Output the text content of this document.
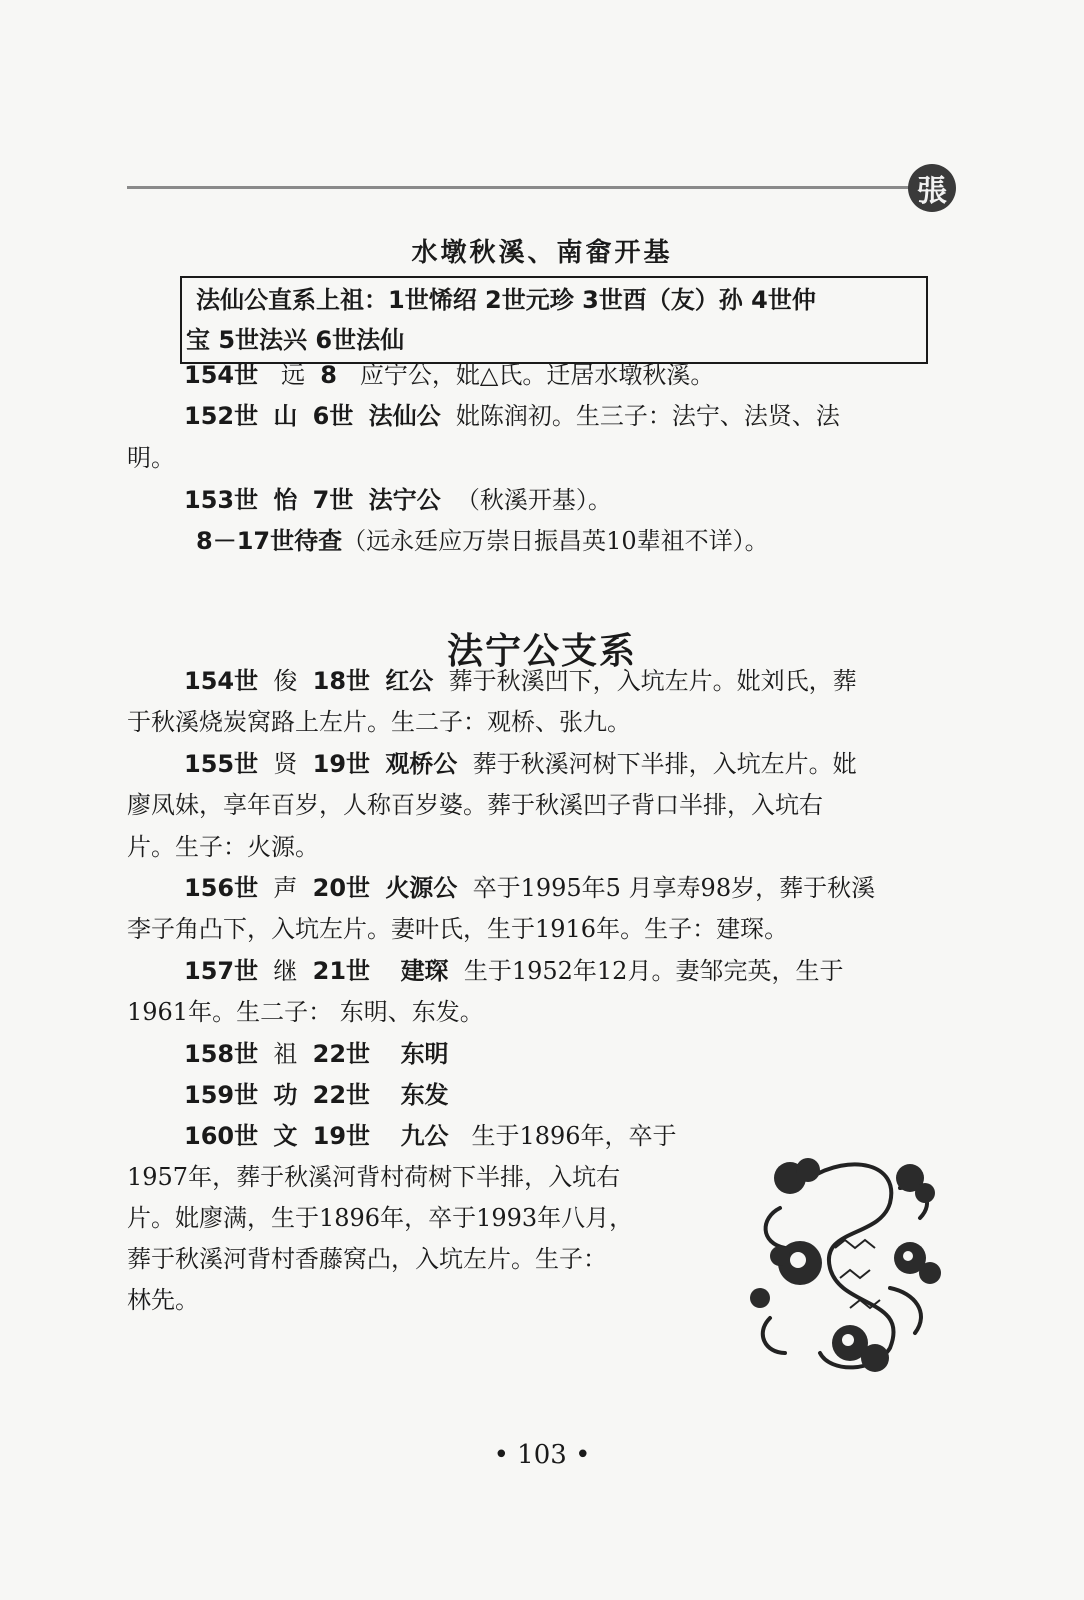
張
水墩秋溪、南畲开基
法仙公直系上祖：1世悕绍 2世元珍 3世酉（友）孙 4世仲
宝 5世法兴 6世法仙
154世 远 8 应宁公，妣△氏。迁居水墩秋溪。
152世 山 6世 法仙公 妣陈润初。生三子：法宁、法贤、法
明。
153世 怡 7世 法宁公 （秋溪开基）。
8－17世待查（远永廷应万崇日振昌英10辈祖不详）。
法宁公支系
154世 俊 18世 红公 葬于秋溪凹下，入坑左片。妣刘氏，葬
于秋溪烧炭窝路上左片。生二子：观桥、张九。
155世 贤 19世 观桥公 葬于秋溪河树下半排，入坑左片。妣
廖凤妹，享年百岁，人称百岁婆。葬于秋溪凹子背口半排，入坑右
片。生子：火源。
156世 声 20世 火源公 卒于1995年5 月享寿98岁，葬于秋溪
李子角凸下，入坑左片。妻叶氏，生于1916年。生子：建琛。
157世 继 21世 建琛 生于1952年12月。妻邹完英，生于
1961年。生二子： 东明、东发。
158世 祖 22世 东明
159世 功 22世 东发
160世 文 19世 九公 生于1896年，卒于
1957年，葬于秋溪河背村荷树下半排，入坑右
片。妣廖满，生于1896年，卒于1993年八月，
葬于秋溪河背村香藤窝凸，入坑左片。生子：
林先。
• 103 •
